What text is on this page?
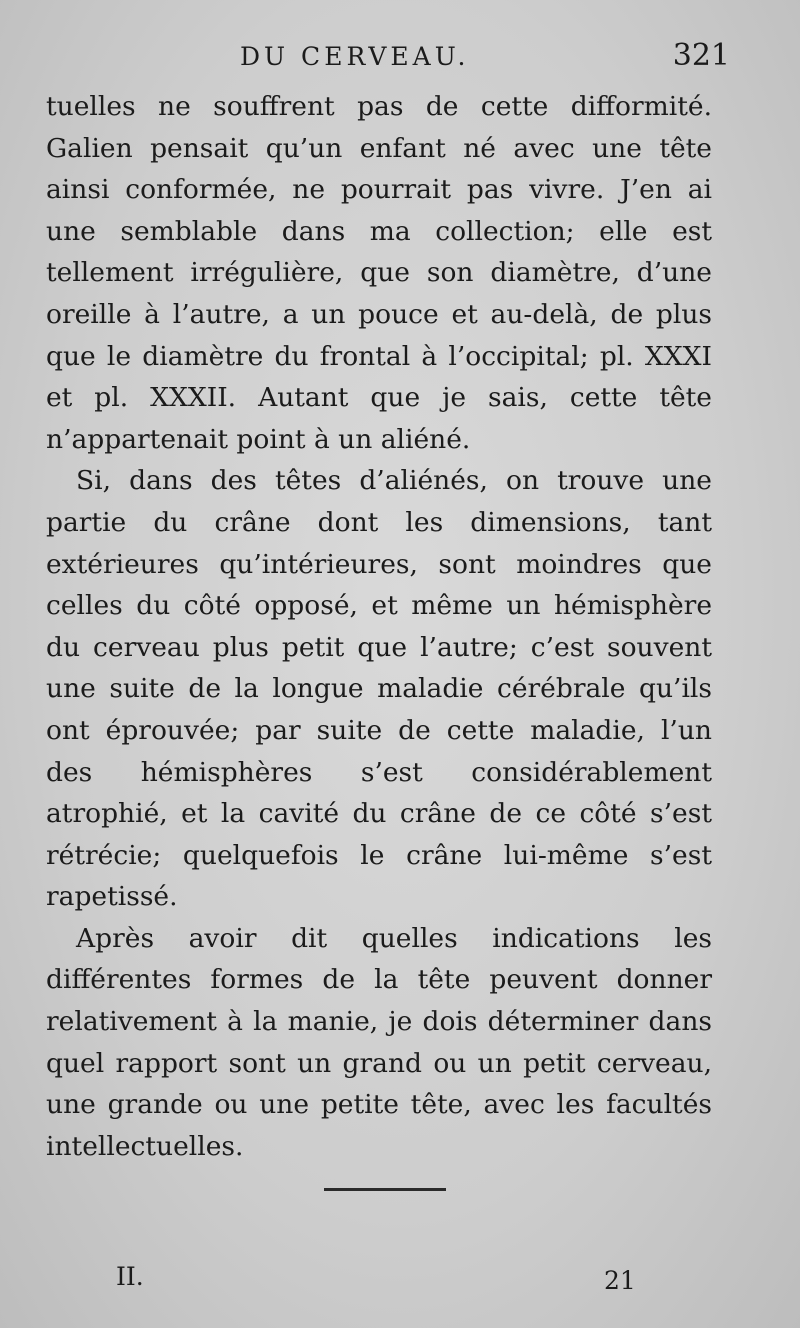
DU CERVEAU.	321

tuelles ne souffrent pas de cette difformité. Galien pensait qu’un enfant né avec une tête ainsi conformée, ne pourrait pas vivre. J’en ai une semblable dans ma collection; elle est tellement irrégulière, que son diamètre, d’une oreille à l’autre, a un pouce et au-delà, de plus que le diamètre du frontal à l’occipital; pl. XXXI et pl. XXXII. Autant que je sais, cette tête n’appartenait point à un aliéné.

Si, dans des têtes d’aliénés, on trouve une partie du crâne dont les dimensions, tant extérieures qu’intérieures, sont moindres que celles du côté opposé, et même un hémisphère du cerveau plus petit que l’autre; c’est souvent une suite de la longue maladie cérébrale qu’ils ont éprouvée; par suite de cette maladie, l’un des hémisphères s’est considérablement atrophié, et la cavité du crâne de ce côté s’est rétrécie; quelquefois le crâne lui-même s’est rapetissé.

Après avoir dit quelles indications les différentes formes de la tête peuvent donner relativement à la manie, je dois déterminer dans quel rapport sont un grand ou un petit cerveau, une grande ou une petite tête, avec les facultés intellectuelles.

II.	21
